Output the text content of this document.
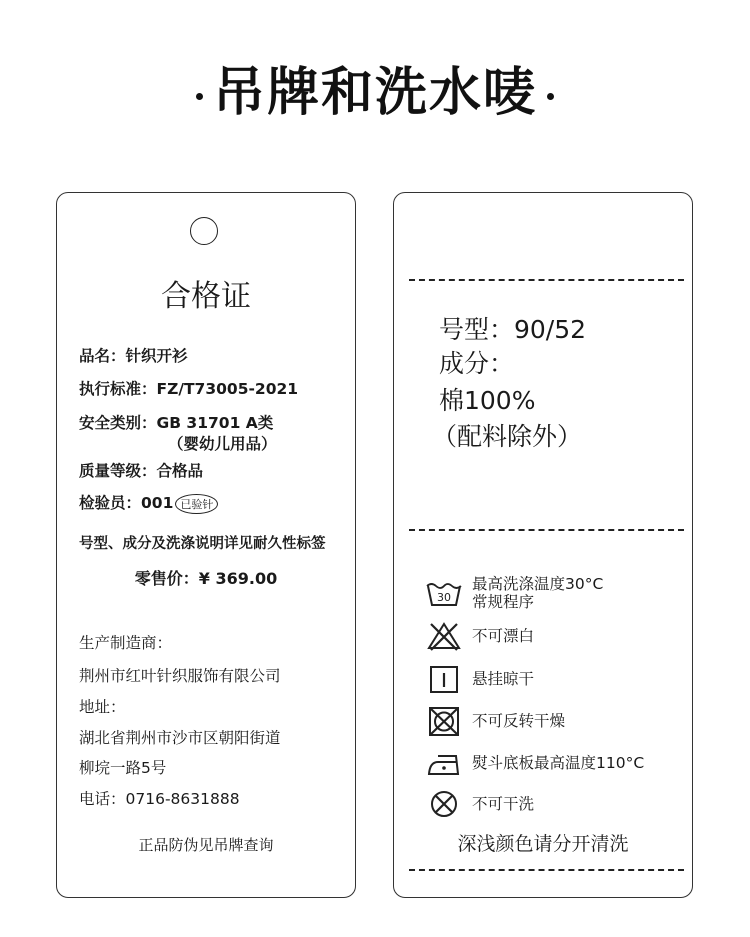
吊牌和洗水唛
合格证
品名：针织开衫
执行标准：FZ/T73005-2021
安全类别：GB 31701 A类
（婴幼儿用品）
质量等级：合格品
检验员：001 已验针
号型、成分及洗涤说明详见耐久性标签
零售价：¥ 369.00
生产制造商：
荆州市红叶针织服饰有限公司
地址：
湖北省荆州市沙市区朝阳街道
柳垸一路5号
电话：0716-8631888
正品防伪见吊牌查询
号型：90/52
成分：
棉100%
（配料除外）
30
最高洗涤温度30°C
常规程序
不可漂白
悬挂晾干
不可反转干燥
熨斗底板最高温度110°C
不可干洗
深浅颜色请分开清洗
